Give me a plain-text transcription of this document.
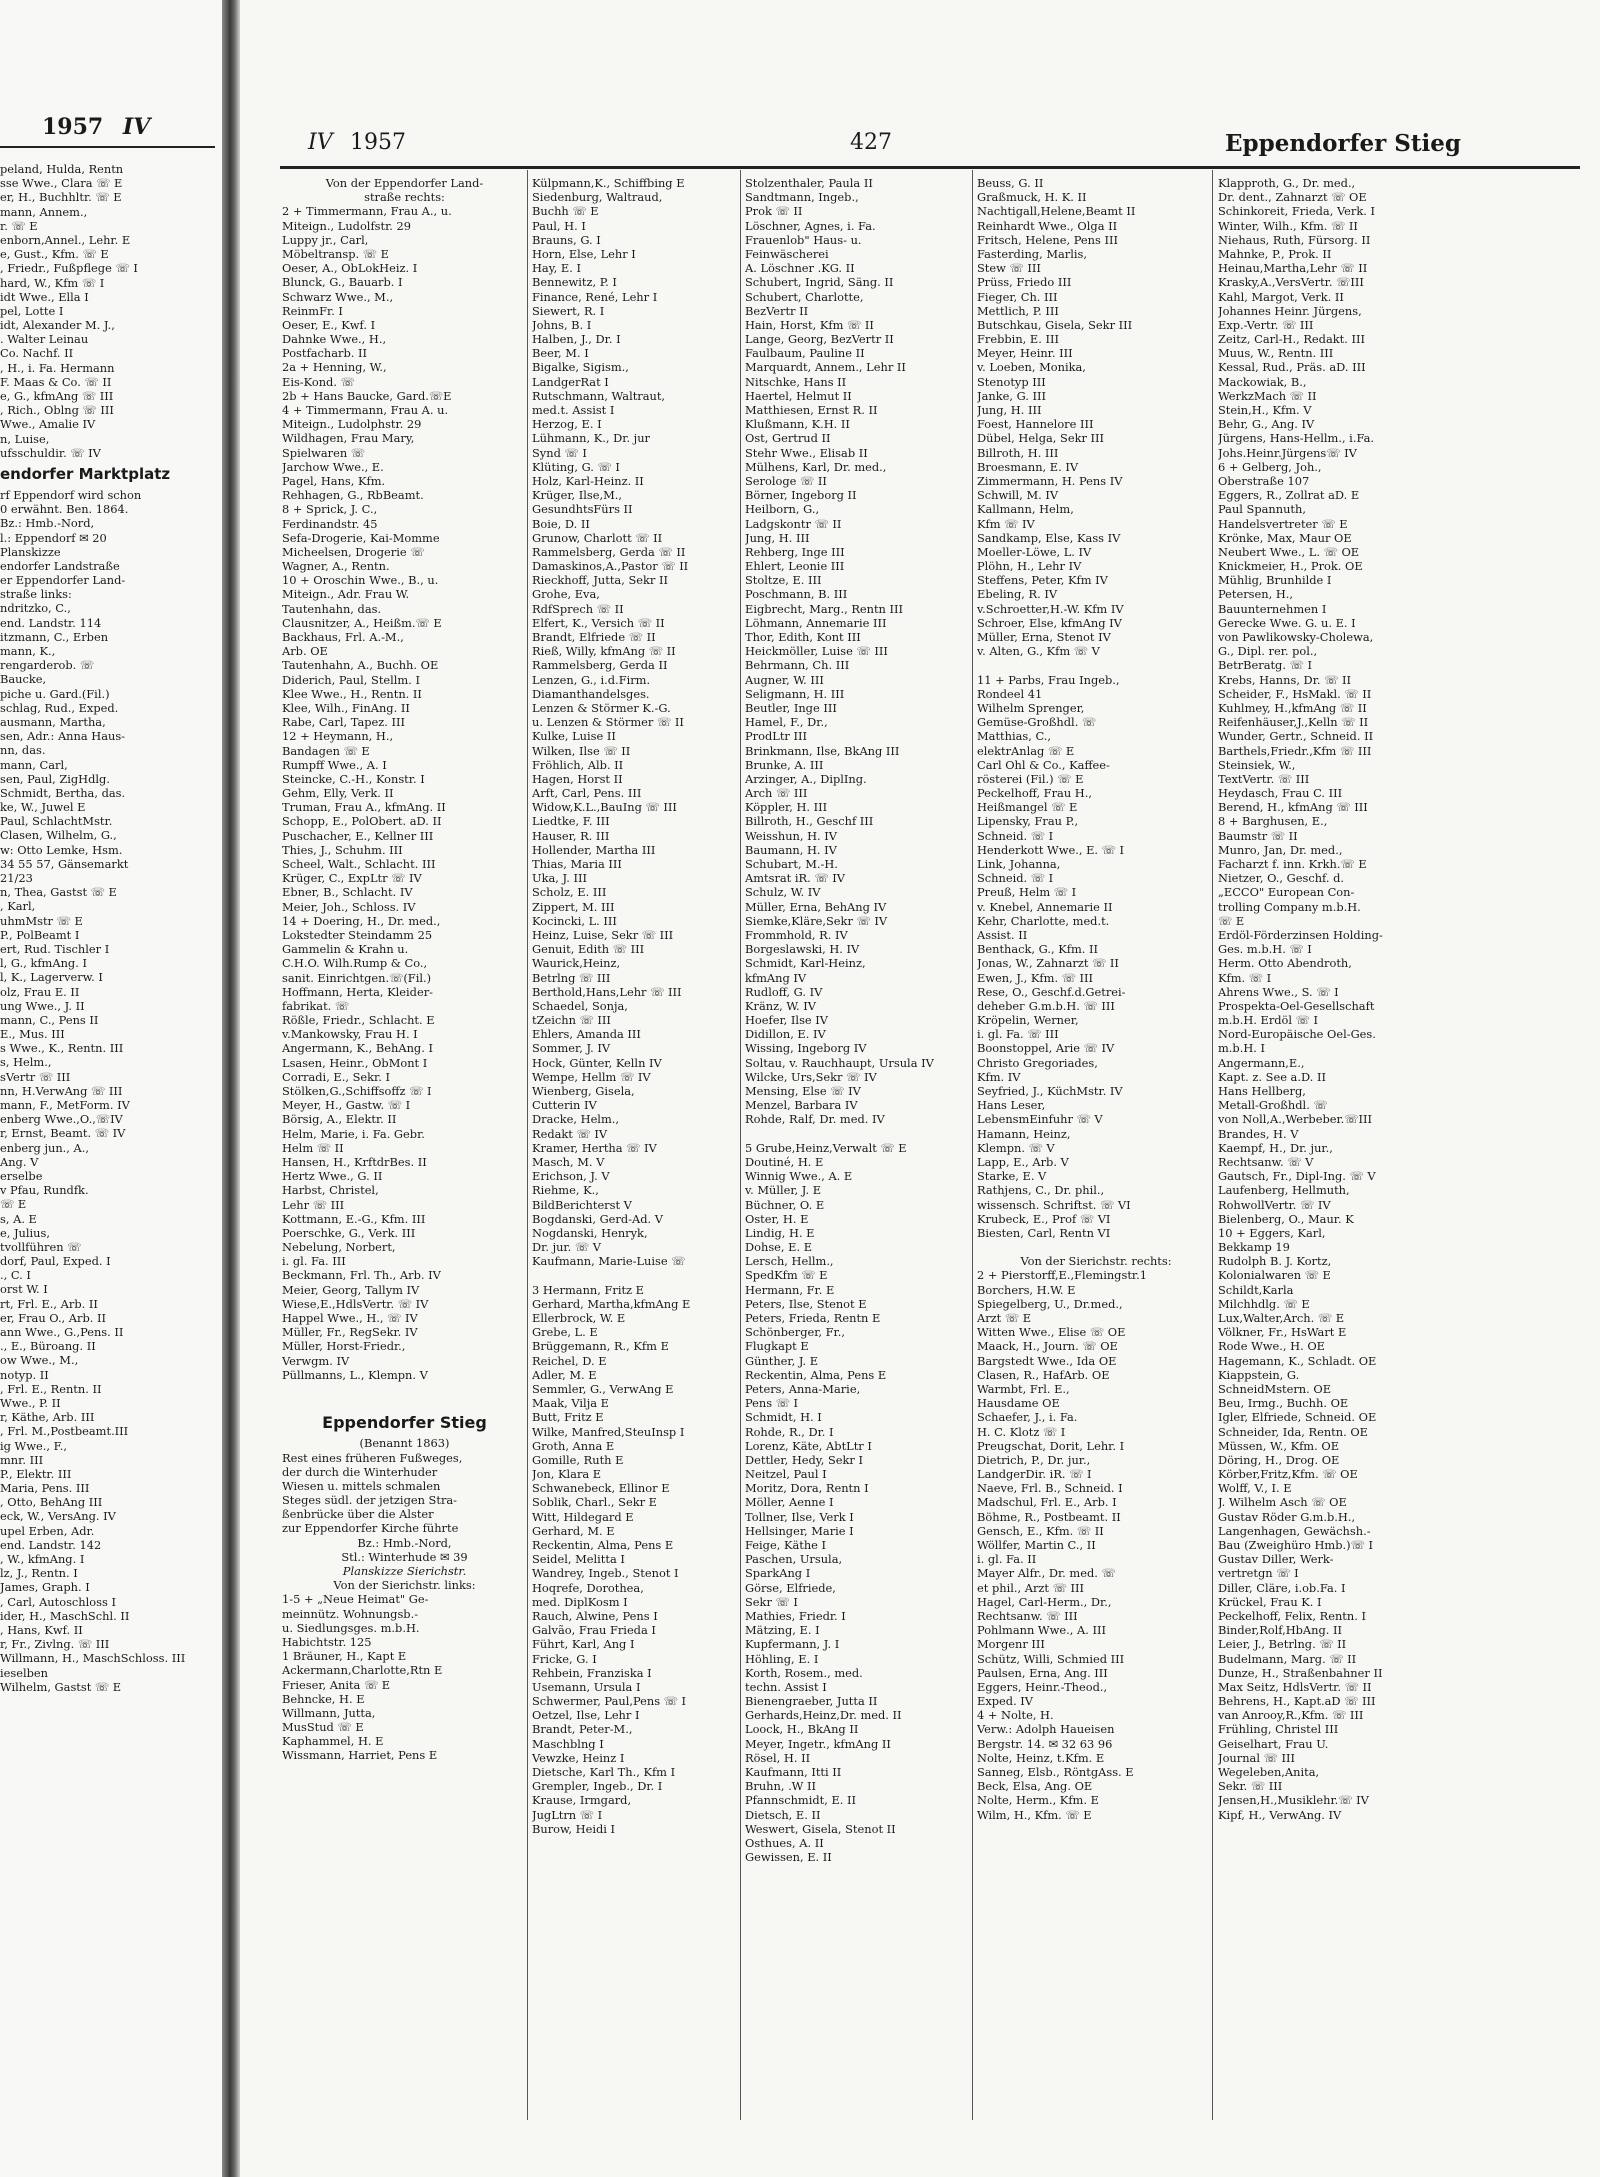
1957 IV
peland, Hulda, Rentn
sse Wwe., Clara ☏ E
er, H., Buchhltr. ☏ E
mann, Annem.,
r. ☏ E
enborn,Annel., Lehr. E
e, Gust., Kfm. ☏ E
, Friedr., Fußpflege ☏ I
hard, W., Kfm ☏ I
idt Wwe., Ella I
pel, Lotte I
idt, Alexander M. J.,
. Walter Leinau
Co. Nachf. II
, H., i. Fa. Hermann
F. Maas & Co. ☏ II
e, G., kfmAng ☏ III
, Rich., Oblng ☏ III
Wwe., Amalie IV
n, Luise,
ufsschuldir. ☏ IV
endorfer Marktplatz
rf Eppendorf wird schon
0 erwähnt. Ben. 1864.
Bz.: Hmb.-Nord,
l.: Eppendorf ✉ 20
Planskizze
endorfer Landstraße
er Eppendorfer Land-
straße links:
ndritzko, C.,
end. Landstr. 114
itzmann, C., Erben
mann, K.,
rengarderob. ☏
Baucke,
piche u. Gard.(Fil.)
schlag, Rud., Exped.
ausmann, Martha,
sen, Adr.: Anna Haus-
nn, das.
mann, Carl,
sen, Paul, ZigHdlg.
Schmidt, Bertha, das.
ke, W., Juwel E
Paul, SchlachtMstr.
Clasen, Wilhelm, G.,
w: Otto Lemke, Hsm.
34 55 57, Gänsemarkt
21/23
n, Thea, Gastst ☏ E
, Karl,
uhmMstr ☏ E
P., PolBeamt I
ert, Rud. Tischler I
l, G., kfmAng. I
l, K., Lagerverw. I
olz, Frau E. II
ung Wwe., J. II
mann, C., Pens II
E., Mus. III
s Wwe., K., Rentn. III
s, Helm.,
sVertr ☏ III
nn, H.VerwAng ☏ III
mann, F., MetForm. IV
enberg Wwe.,O.,☏IV
r, Ernst, Beamt. ☏ IV
enberg jun., A.,
Ang. V
erselbe
v Pfau, Rundfk.
☏ E
s, A. E
e, Julius,
tvollführen ☏
dorf, Paul, Exped. I
., C. I
orst W. I
rt, Frl. E., Arb. II
er, Frau O., Arb. II
ann Wwe., G.,Pens. II
., E., Büroang. II
ow Wwe., M.,
notyp. II
, Frl. E., Rentn. II
Wwe., P. II
r, Käthe, Arb. III
, Frl. M.,Postbeamt.III
ig Wwe., F.,
mnr. III
P., Elektr. III
Maria, Pens. III
, Otto, BehAng III
eck, W., VersAng. IV
upel Erben, Adr.
end. Landstr. 142
, W., kfmAng. I
lz, J., Rentn. I
James, Graph. I
, Carl, Autoschloss I
ider, H., MaschSchl. II
, Hans, Kwf. II
r, Fr., Zivlng. ☏ III
Willmann, H., MaschSchloss. III
ieselben
Wilhelm, Gastst ☏ E
IV 1957	427	Eppendorfer Stieg
Von der Eppendorfer Land-
straße rechts:
2 + Timmermann, Frau A., u.
Miteign., Ludolfstr. 29
Luppy jr., Carl,
Möbeltransp. ☏ E
Oeser, A., ObLokHeiz. I
Blunck, G., Bauarb. I
Schwarz Wwe., M.,
ReinmFr. I
Oeser, E., Kwf. I
Dahnke Wwe., H.,
Postfacharb. II
2a + Henning, W.,
Eis-Kond. ☏
2b + Hans Baucke, Gard.☏E
4 + Timmermann, Frau A. u.
Miteign., Ludolphstr. 29
Wildhagen, Frau Mary,
Spielwaren ☏
Jarchow Wwe., E.
Pagel, Hans, Kfm.
Rehhagen, G., RbBeamt.
8 + Sprick, J. C.,
Ferdinandstr. 45
Sefa-Drogerie, Kai-Momme
Micheelsen, Drogerie ☏
Wagner, A., Rentn.
10 + Oroschin Wwe., B., u.
Miteign., Adr. Frau W.
Tautenhahn, das.
Clausnitzer, A., Heißm.☏ E
Backhaus, Frl. A.-M.,
Arb. OE
Tautenhahn, A., Buchh. OE
Diderich, Paul, Stellm. I
Klee Wwe., H., Rentn. II
Klee, Wilh., FinAng. II
Rabe, Carl, Tapez. III
12 + Heymann, H.,
Bandagen ☏ E
Rumpff Wwe., A. I
Steincke, C.-H., Konstr. I
Gehm, Elly, Verk. II
Truman, Frau A., kfmAng. II
Schopp, E., PolObert. aD. II
Puschacher, E., Kellner III
Thies, J., Schuhm. III
Scheel, Walt., Schlacht. III
Krüger, C., ExpLtr ☏ IV
Ebner, B., Schlacht. IV
Meier, Joh., Schloss. IV
14 + Doering, H., Dr. med.,
Lokstedter Steindamm 25
Gammelin & Krahn u.
C.H.O. Wilh.Rump & Co.,
sanit. Einrichtgen.☏(Fil.)
Hoffmann, Herta, Kleider-
fabrikat. ☏
Rößle, Friedr., Schlacht. E
v.Mankowsky, Frau H. I
Angermann, K., BehAng. I
Lsasen, Heinr., ObMont I
Corradi, E., Sekr. I
Stölken,G.,Schiffsoffz ☏ I
Meyer, H., Gastw. ☏ I
Börsig, A., Elektr. II
Helm, Marie, i. Fa. Gebr.
Helm ☏ II
Hansen, H., KrftdrBes. II
Hertz Wwe., G. II
Harbst, Christel,
Lehr ☏ III
Kottmann, E.-G., Kfm. III
Poerschke, G., Verk. III
Nebelung, Norbert,
i. gl. Fa. III
Beckmann, Frl. Th., Arb. IV
Meier, Georg, Tallym IV
Wiese,E.,HdlsVertr. ☏ IV
Happel Wwe., H., ☏ IV
Müller, Fr., RegSekr. IV
Müller, Horst-Friedr.,
Verwgm. IV
Püllmanns, L., Klempn. V
Eppendorfer Stieg
(Benannt 1863)
Rest eines früheren Fußweges,
der durch die Winterhuder
Wiesen u. mittels schmalen
Steges südl. der jetzigen Stra-
ßenbrücke über die Alster
zur Eppendorfer Kirche führte
Bz.: Hmb.-Nord,
Stl.: Winterhude ✉ 39
Planskizze Sierichstr.
Von der Sierichstr. links:
1-5 + „Neue Heimat" Ge-
meinnütz. Wohnungsb.-
u. Siedlungsges. m.b.H.
Habichtstr. 125
1 Bräuner, H., Kapt E
Ackermann,Charlotte,Rtn E
Frieser, Anita ☏ E
Behncke, H. E
Willmann, Jutta,
MusStud ☏ E
Kaphammel, H. E
Wissmann, Harriet, Pens E
Külpmann,K., Schiffbing E
Siedenburg, Waltraud,
Buchh ☏ E
Paul, H. I
Brauns, G. I
Horn, Else, Lehr I
Hay, E. I
Bennewitz, P. I
Finance, René, Lehr I
Siewert, R. I
Johns, B. I
Halben, J., Dr. I
Beer, M. I
Bigalke, Sigism.,
LandgerRat I
Rutschmann, Waltraut,
med.t. Assist I
Herzog, E. I
Lühmann, K., Dr. jur
Synd ☏ I
Klüting, G. ☏ I
Holz, Karl-Heinz. II
Krüger, Ilse,M.,
GesundhtsFürs II
Boie, D. II
Grunow, Charlott ☏ II
Rammelsberg, Gerda ☏ II
Damaskinos,A.,Pastor ☏ II
Rieckhoff, Jutta, Sekr II
Grohe, Eva,
RdfSprech ☏ II
Elfert, K., Versich ☏ II
Brandt, Elfriede ☏ II
Rieß, Willy, kfmAng ☏ II
Rammelsberg, Gerda II
Lenzen, G., i.d.Firm.
Diamanthandelsges.
Lenzen & Störmer K.-G.
u. Lenzen & Störmer ☏ II
Kulke, Luise II
Wilken, Ilse ☏ II
Fröhlich, Alb. II
Hagen, Horst II
Arft, Carl, Pens. III
Widow,K.L.,BauIng ☏ III
Liedtke, F. III
Hauser, R. III
Hollender, Martha III
Thias, Maria III
Uka, J. III
Scholz, E. III
Zippert, M. III
Kocincki, L. III
Heinz, Luise, Sekr ☏ III
Genuit, Edith ☏ III
Waurick,Heinz,
Betrlng ☏ III
Berthold,Hans,Lehr ☏ III
Schaedel, Sonja,
tZeichn ☏ III
Ehlers, Amanda III
Sommer, J. IV
Hock, Günter, Kelln IV
Wempe, Hellm ☏ IV
Wienberg, Gisela,
Cutterin IV
Dracke, Helm.,
Redakt ☏ IV
Kramer, Hertha ☏ IV
Masch, M. V
Erichson, J. V
Riehme, K.,
BildBerichterst V
Bogdanski, Gerd-Ad. V
Nogdanski, Henryk,
Dr. jur. ☏ V
Kaufmann, Marie-Luise ☏
3 Hermann, Fritz E
Gerhard, Martha,kfmAng E
Ellerbrock, W. E
Grebe, L. E
Brüggemann, R., Kfm E
Reichel, D. E
Adler, M. E
Semmler, G., VerwAng E
Maak, Vilja E
Butt, Fritz E
Wilke, Manfred,SteuInsp I
Groth, Anna E
Gomille, Ruth E
Jon, Klara E
Schwanebeck, Ellinor E
Soblik, Charl., Sekr E
Witt, Hildegard E
Gerhard, M. E
Reckentin, Alma, Pens E
Seidel, Melitta I
Wandrey, Ingeb., Stenot I
Hoqrefe, Dorothea,
med. DiplKosm I
Rauch, Alwine, Pens I
Galvão, Frau Frieda I
Führt, Karl, Ang I
Fricke, G. I
Rehbein, Franziska I
Usemann, Ursula I
Schwermer, Paul,Pens ☏ I
Oetzel, Ilse, Lehr I
Brandt, Peter-M.,
Maschblng I
Vewzke, Heinz I
Dietsche, Karl Th., Kfm I
Grempler, Ingeb., Dr. I
Krause, Irmgard,
JugLtrn ☏ I
Burow, Heidi I
Stolzenthaler, Paula II
Sandtmann, Ingeb.,
Prok ☏ II
Löschner, Agnes, i. Fa.
Frauenlob" Haus- u.
Feinwäscherei
A. Löschner .KG. II
Schubert, Ingrid, Säng. II
Schubert, Charlotte,
BezVertr II
Hain, Horst, Kfm ☏ II
Lange, Georg, BezVertr II
Faulbaum, Pauline II
Marquardt, Annem., Lehr II
Nitschke, Hans II
Haertel, Helmut II
Matthiesen, Ernst R. II
Klußmann, K.H. II
Ost, Gertrud II
Stehr Wwe., Elisab II
Mülhens, Karl, Dr. med.,
Serologe ☏ II
Börner, Ingeborg II
Heilborn, G.,
Ladgskontr ☏ II
Jung, H. III
Rehberg, Inge III
Ehlert, Leonie III
Stoltze, E. III
Poschmann, B. III
Eigbrecht, Marg., Rentn III
Löhmann, Annemarie III
Thor, Edith, Kont III
Heickmöller, Luise ☏ III
Behrmann, Ch. III
Augner, W. III
Seligmann, H. III
Beutler, Inge III
Hamel, F., Dr.,
ProdLtr III
Brinkmann, Ilse, BkAng III
Brunke, A. III
Arzinger, A., DiplIng.
Arch ☏ III
Köppler, H. III
Billroth, H., Geschf III
Weisshun, H. IV
Baumann, H. IV
Schubart, M.-H.
Amtsrat iR. ☏ IV
Schulz, W. IV
Müller, Erna, BehAng IV
Siemke,Kläre,Sekr ☏ IV
Frommhold, R. IV
Borgeslawski, H. IV
Schmidt, Karl-Heinz,
kfmAng IV
Rudloff, G. IV
Kränz, W. IV
Hoefer, Ilse IV
Didillon, E. IV
Wissing, Ingeborg IV
Soltau, v. Rauchhaupt, Ursula IV
Wilcke, Urs,Sekr ☏ IV
Mensing, Else ☏ IV
Menzel, Barbara IV
Rohde, Ralf, Dr. med. IV
5 Grube,Heinz,Verwalt ☏ E
Doutiné, H. E
Winnig Wwe., A. E
v. Müller, J. E
Büchner, O. E
Oster, H. E
Lindig, H. E
Dohse, E. E
Lersch, Hellm.,
SpedKfm ☏ E
Hermann, Fr. E
Peters, Ilse, Stenot E
Peters, Frieda, Rentn E
Schönberger, Fr.,
Flugkapt E
Günther, J. E
Reckentin, Alma, Pens E
Peters, Anna-Marie,
Pens ☏ I
Schmidt, H. I
Rohde, R., Dr. I
Lorenz, Käte, AbtLtr I
Dettler, Hedy, Sekr I
Neitzel, Paul I
Moritz, Dora, Rentn I
Möller, Aenne I
Tollner, Ilse, Verk I
Hellsinger, Marie I
Feige, Käthe I
Paschen, Ursula,
SparkAng I
Görse, Elfriede,
Sekr ☏ I
Mathies, Friedr. I
Mätzing, E. I
Kupfermann, J. I
Höhling, E. I
Korth, Rosem., med.
techn. Assist I
Bienengraeber, Jutta II
Gerhards,Heinz,Dr. med. II
Loock, H., BkAng II
Meyer, Ingetr., kfmAng II
Rösel, H. II
Kaufmann, Itti II
Bruhn, .W II
Pfannschmidt, E. II
Dietsch, E. II
Weswert, Gisela, Stenot II
Osthues, A. II
Gewissen, E. II
Beuss, G. II
Graßmuck, H. K. II
Nachtigall,Helene,Beamt II
Reinhardt Wwe., Olga II
Fritsch, Helene, Pens III
Fasterding, Marlis,
Stew ☏ III
Prüss, Friedo III
Fieger, Ch. III
Mettlich, P. III
Butschkau, Gisela, Sekr III
Frebbin, E. III
Meyer, Heinr. III
v. Loeben, Monika,
Stenotyp III
Janke, G. III
Jung, H. III
Foest, Hannelore III
Dübel, Helga, Sekr III
Billroth, H. III
Broesmann, E. IV
Zimmermann, H. Pens IV
Schwill, M. IV
Kallmann, Helm,
Kfm ☏ IV
Sandkamp, Else, Kass IV
Moeller-Löwe, L. IV
Plöhn, H., Lehr IV
Steffens, Peter, Kfm IV
Ebeling, R. IV
v.Schroetter,H.-W. Kfm IV
Schroer, Else, kfmAng IV
Müller, Erna, Stenot IV
v. Alten, G., Kfm ☏ V
11 + Parbs, Frau Ingeb.,
Rondeel 41
Wilhelm Sprenger,
Gemüse-Großhdl. ☏
Matthias, C.,
elektrAnlag ☏ E
Carl Ohl & Co., Kaffee-
rösterei (Fil.) ☏ E
Peckelhoff, Frau H.,
Heißmangel ☏ E
Lipensky, Frau P.,
Schneid. ☏ I
Henderkott Wwe., E. ☏ I
Link, Johanna,
Schneid. ☏ I
Preuß, Helm ☏ I
v. Knebel, Annemarie II
Kehr, Charlotte, med.t.
Assist. II
Benthack, G., Kfm. II
Jonas, W., Zahnarzt ☏ II
Ewen, J., Kfm. ☏ III
Rese, O., Geschf.d.Getrei-
dehebeг G.m.b.H. ☏ III
Kröpelin, Werner,
i. gl. Fa. ☏ III
Boonstoppel, Arie ☏ IV
Christo Gregoriades,
Kfm. IV
Seyfried, J., KüchMstr. IV
Hans Leser,
LebensmEinfuhr ☏ V
Hamann, Heinz,
Klempn. ☏ V
Lapp, E., Arb. V
Starke, E. V
Rathjens, C., Dr. phil.,
wissensch. Schriftst. ☏ VI
Krubeck, E., Prof ☏ VI
Biesten, Carl, Rentn VI
Von der Sierichstr. rechts:
2 + Pierstorff,E.,Flemingstr.1
Borchers, H.W. E
Spiegelberg, U., Dr.med.,
Arzt ☏ E
Witten Wwe., Elise ☏ OE
Maack, H., Journ. ☏ OE
Bargstedt Wwe., Ida OE
Clasen, R., HafArb. OE
Warmbt, Frl. E.,
Hausdame OE
Schaefer, J., i. Fa.
H. C. Klotz ☏ I
Preugschat, Dorit, Lehr. I
Dietrich, P., Dr. jur.,
LandgerDir. iR. ☏ I
Naeve, Frl. B., Schneid. I
Madschul, Frl. E., Arb. I
Böhme, R., Postbeamt. II
Gensch, E., Kfm. ☏ II
Wöllfer, Martin C., II
i. gl. Fa. II
Mayer Alfr., Dr. med. ☏
et phil., Arzt ☏ III
Hagel, Carl-Herm., Dr.,
Rechtsanw. ☏ III
Pohlmann Wwe., A. III
Morgenr III
Schütz, Willi, Schmied III
Paulsen, Erna, Ang. III
Eggers, Heinr.-Theod.,
Exped. IV
4 + Nolte, H.
Verw.: Adolph Haueisen
Bergstr. 14. ✉ 32 63 96
Nolte, Heinz, t.Kfm. E
Sanneg, Elsb., RöntgAss. E
Beck, Elsa, Ang. OE
Nolte, Herm., Kfm. E
Wilm, H., Kfm. ☏ E
Klapproth, G., Dr. med.,
Dr. dent., Zahnarzt ☏ OE
Schinkoreit, Frieda, Verk. I
Winter, Wilh., Kfm. ☏ II
Niehaus, Ruth, Fürsorg. II
Mahnke, P., Prok. II
Heinau,Martha,Lehr ☏ II
Krasky,A.,VersVertr. ☏III
Kahl, Margot, Verk. II
Johannes Heinr. Jürgens,
Exp.-Vertr. ☏ III
Zeitz, Carl-H., Redakt. III
Muus, W., Rentn. III
Kessal, Rud., Präs. aD. III
Mackowiak, B.,
WerkzMach ☏ II
Stein,H., Kfm. V
Behr, G., Ang. IV
Jürgens, Hans-Hellm., i.Fa.
Johs.Heinr.Jürgens☏ IV
6 + Gelberg, Joh.,
Oberstraße 107
Eggers, R., Zollrat aD. E
Paul Spannuth,
Handelsvertreter ☏ E
Krönke, Max, Maur OE
Neubert Wwe., L. ☏ OE
Knickmeier, H., Prok. OE
Mühlig, Brunhilde I
Petersen, H.,
Bauunternehmen I
Gerecke Wwe. G. u. E. I
von Pawlikowsky-Cholewa,
G., Dipl. rer. pol.,
BetrBeratg. ☏ I
Krebs, Hanns, Dr. ☏ II
Scheider, F., HsMakl. ☏ II
Kuhlmey, H.,kfmAng ☏ II
Reifenhäuser,J.,Kelln ☏ II
Wunder, Gertr., Schneid. II
Barthels,Friedr.,Kfm ☏ III
Steinsiek, W.,
TextVertr. ☏ III
Heydasch, Frau C. III
Berend, H., kfmAng ☏ III
8 + Barghusen, E.,
Baumstr ☏ II
Munro, Jan, Dr. med.,
Facharzt f. inn. Krkh.☏ E
Nietzer, O., Geschf. d.
„ECCO" European Con-
trolling Company m.b.H.
☏ E
Erdöl-Förderzinsen Holding-
Ges. m.b.H. ☏ I
Herm. Otto Abendroth,
Kfm. ☏ I
Ahrens Wwe., S. ☏ I
Prospekta-Oel-Gesellschaft
m.b.H. Erdöl ☏ I
Nord-Europäische Oel-Ges.
m.b.H. I
Angermann,E.,
Kapt. z. See a.D. II
Hans Hellberg,
Metall-Großhdl. ☏
von Noll,A.,Werbeber.☏III
Brandes, H. V
Kaempf, H., Dr. jur.,
Rechtsanw. ☏ V
Gautsch, Fr., Dipl-Ing. ☏ V
Laufenberg, Hellmuth,
RohwollVertr. ☏ IV
Bielenberg, O., Maur. K
10 + Eggers, Karl,
Bekkamp 19
Rudolph B. J. Kortz,
Kolonialwaren ☏ E
Schildt,Karla
Milchhdlg. ☏ E
Lux,Walter,Arch. ☏ E
Völkner, Fr., HsWart E
Rode Wwe., H. OE
Hagemann, K., Schladt. OE
Kiappstein, G.
SchneidMstern. OE
Beu, Irmg., Buchh. OE
Igler, Elfriede, Schneid. OE
Schneider, Ida, Rentn. OE
Müssen, W., Kfm. OE
Döring, H., Drog. OE
Körber,Fritz,Kfm. ☏ OE
Wolff, V., I. E
J. Wilhelm Asch ☏ OE
Gustav Röder G.m.b.H.,
Langenhagen, Gewächsh.-
Bau (Zweighüro Hmb.)☏ I
Gustav Diller, Werk-
vertretgn ☏ I
Diller, Cläre, i.ob.Fa. I
Krückel, Frau K. I
Peckelhoff, Felix, Rentn. I
Binder,Rolf,HbAng. II
Leier, J., Betrlng. ☏ II
Budelmann, Marg. ☏ II
Dunze, H., Straßenbahner II
Max Seitz, HdlsVertr. ☏ II
Behrens, H., Kapt.aD ☏ III
van Anrooy,R.,Kfm. ☏ III
Frühling, Christel III
Geiselhart, Frau U.
Journal ☏ III
Wegeleben,Anita,
Sekr. ☏ III
Jensen,H.,Musiklehr.☏ IV
Kipf, H., VerwAng. IV
